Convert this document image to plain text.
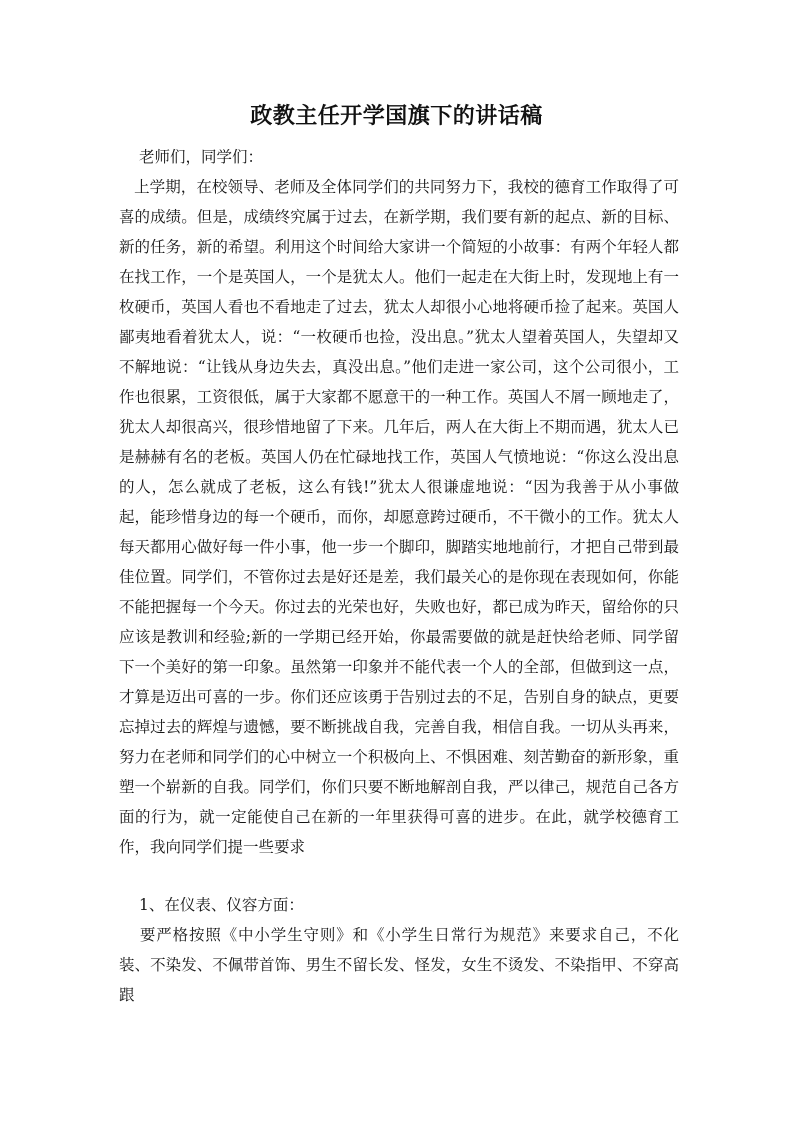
政教主任开学国旗下的讲话稿
老师们，同学们：
上学期，在校领导、老师及全体同学们的共同努力下，我校的德育工作取得了可喜的成绩。但是，成绩终究属于过去，在新学期，我们要有新的起点、新的目标、新的任务，新的希望。利用这个时间给大家讲一个简短的小故事：有两个年轻人都在找工作，一个是英国人，一个是犹太人。他们一起走在大街上时，发现地上有一枚硬币，英国人看也不看地走了过去，犹太人却很小心地将硬币捡了起来。英国人鄙夷地看着犹太人，说：“一枚硬币也捡，没出息。”犹太人望着英国人，失望却又不解地说：“让钱从身边失去，真没出息。”他们走进一家公司，这个公司很小，工作也很累，工资很低，属于大家都不愿意干的一种工作。英国人不屑一顾地走了，犹太人却很高兴，很珍惜地留了下来。几年后，两人在大街上不期而遇，犹太人已是赫赫有名的老板。英国人仍在忙碌地找工作，英国人气愤地说：“你这么没出息的人，怎么就成了老板，这么有钱!”犹太人很谦虚地说：“因为我善于从小事做起，能珍惜身边的每一个硬币，而你，却愿意跨过硬币，不干微小的工作。犹太人每天都用心做好每一件小事，他一步一个脚印，脚踏实地地前行，才把自己带到最佳位置。同学们，不管你过去是好还是差，我们最关心的是你现在表现如何，你能不能把握每一个今天。你过去的光荣也好，失败也好，都已成为昨天，留给你的只应该是教训和经验;新的一学期已经开始，你最需要做的就是赶快给老师、同学留下一个美好的第一印象。虽然第一印象并不能代表一个人的全部，但做到这一点，才算是迈出可喜的一步。你们还应该勇于告别过去的不足，告别自身的缺点，更要忘掉过去的辉煌与遗憾，要不断挑战自我，完善自我，相信自我。一切从头再来，努力在老师和同学们的心中树立一个积极向上、不惧困难、刻苦勤奋的新形象，重塑一个崭新的自我。同学们，你们只要不断地解剖自我，严以律己，规范自己各方面的行为，就一定能使自己在新的一年里获得可喜的进步。在此，就学校德育工作，我向同学们提一些要求
1、在仪表、仪容方面：
要严格按照《中小学生守则》和《小学生日常行为规范》来要求自己，不化装、不染发、不佩带首饰、男生不留长发、怪发，女生不烫发、不染指甲、不穿高跟
